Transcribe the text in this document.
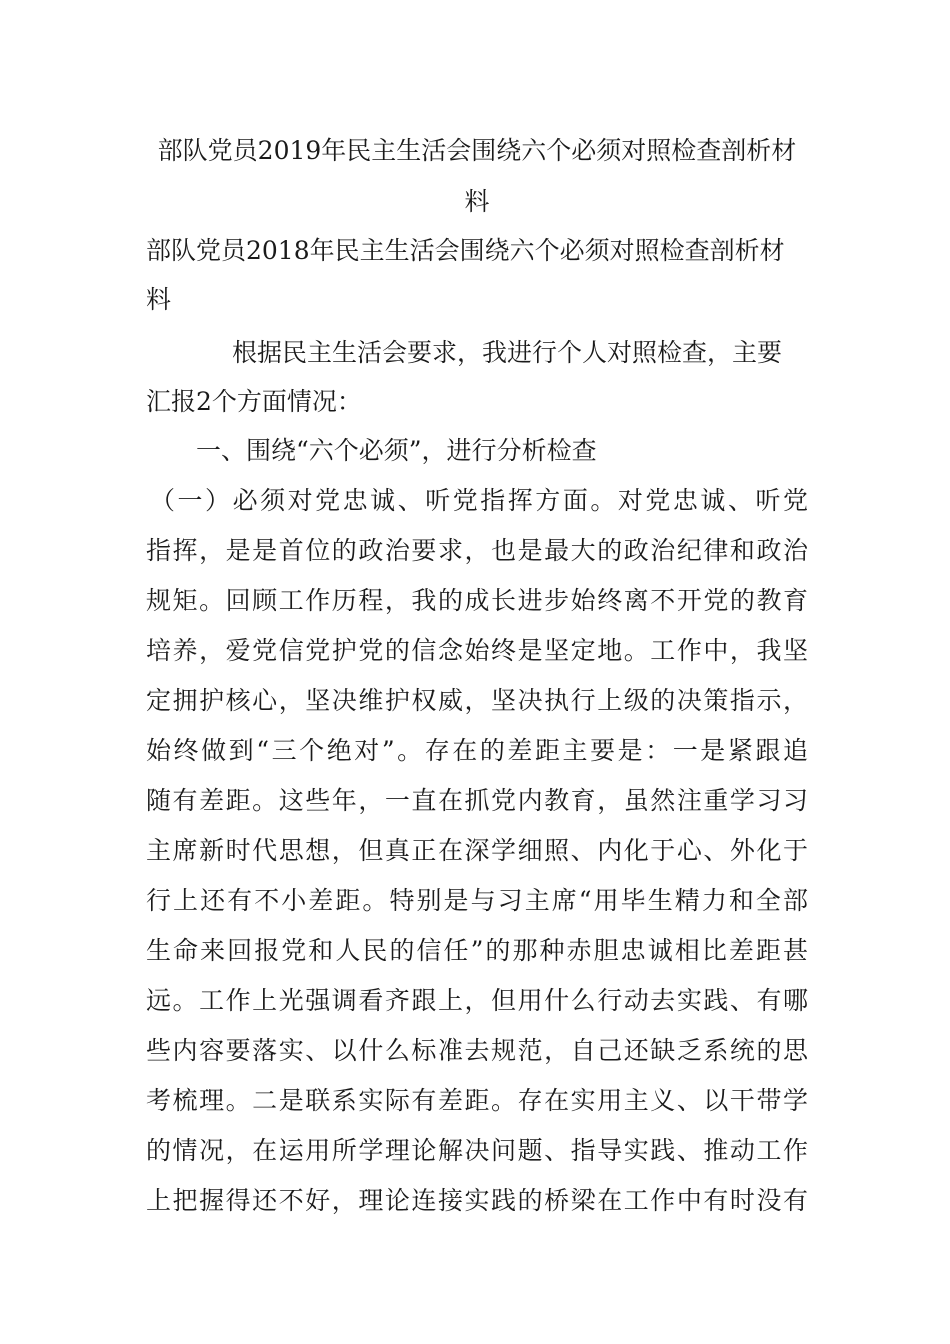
部队党员2019年民主生活会围绕六个必须对照检查剖析材
料
部队党员2018年民主生活会围绕六个必须对照检查剖析材
料
根据民主生活会要求，我进行个人对照检查，主要
汇报2个方面情况：
一、围绕“六个必须”，进行分析检查
（一）必须对党忠诚、听党指挥方面。对党忠诚、听党
指挥，是是首位的政治要求，也是最大的政治纪律和政治
规矩。回顾工作历程，我的成长进步始终离不开党的教育
培养，爱党信党护党的信念始终是坚定地。工作中，我坚
定拥护核心，坚决维护权威，坚决执行上级的决策指示，
始终做到“三个绝对”。存在的差距主要是：一是紧跟追
随有差距。这些年，一直在抓党内教育，虽然注重学习习
主席新时代思想，但真正在深学细照、内化于心、外化于
行上还有不小差距。特别是与习主席“用毕生精力和全部
生命来回报党和人民的信任”的那种赤胆忠诚相比差距甚
远。工作上光强调看齐跟上，但用什么行动去实践、有哪
些内容要落实、以什么标准去规范，自己还缺乏系统的思
考梳理。二是联系实际有差距。存在实用主义、以干带学
的情况，在运用所学理论解决问题、指导实践、推动工作
上把握得还不好，理论连接实践的桥梁在工作中有时没有
